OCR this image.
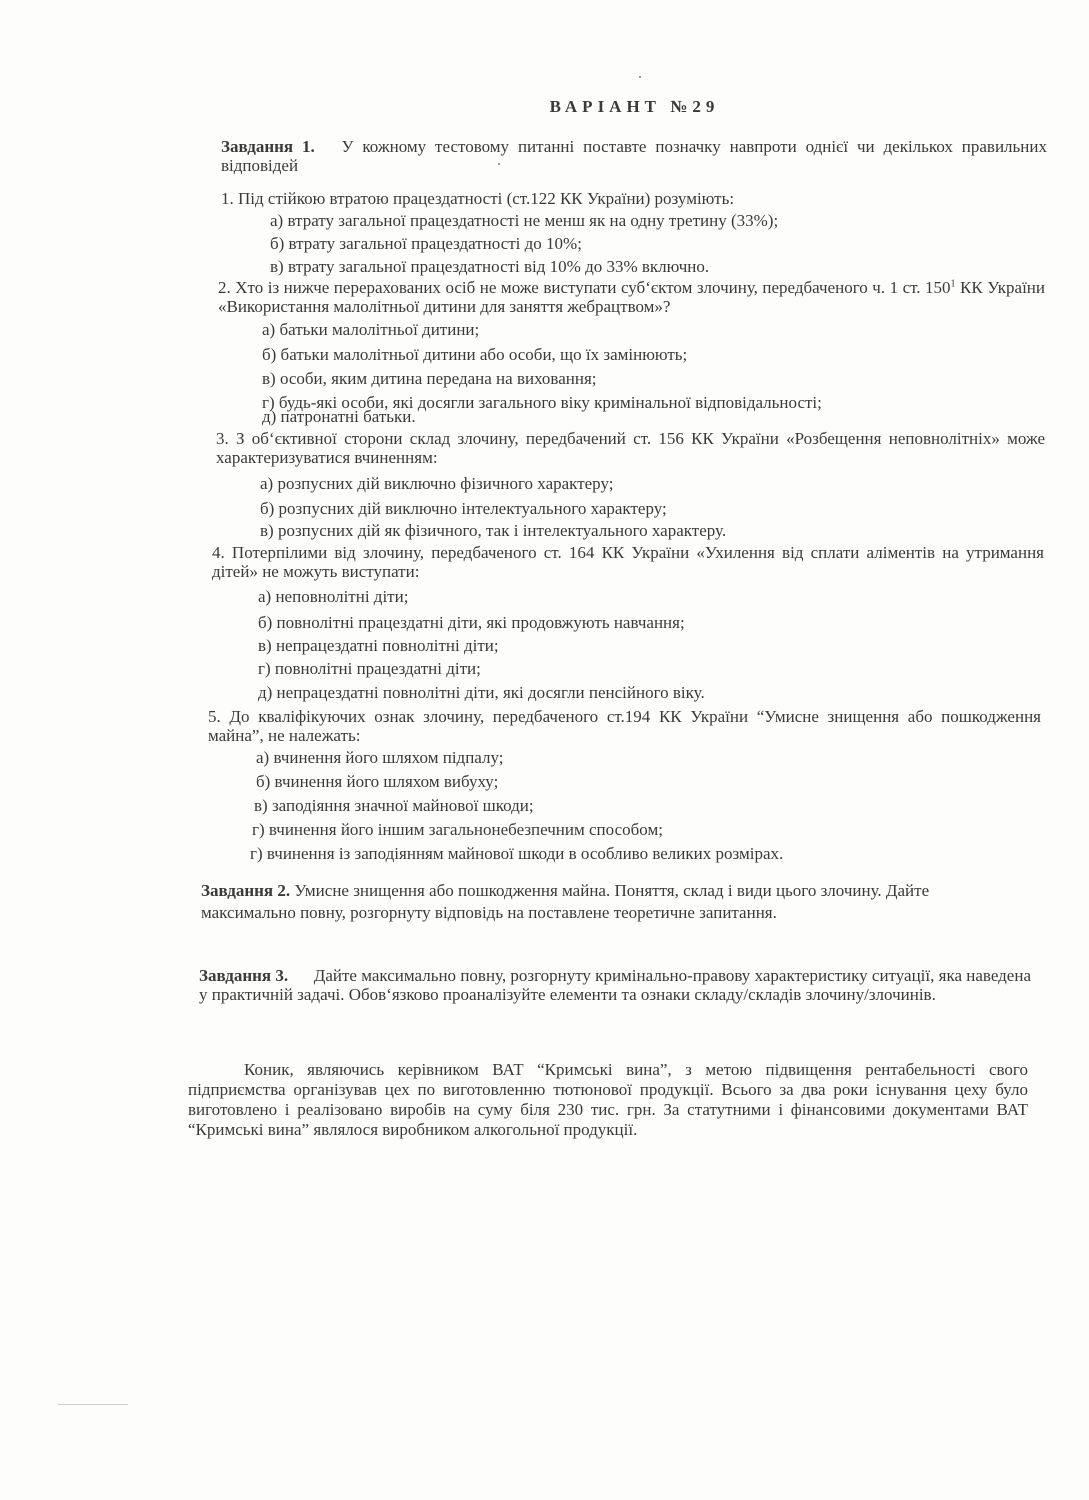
ВАРІАНТ №29
Завдання 1. У кожному тестовому питанні поставте позначку навпроти однієї чи декількох правильних відповідей
1. Під стійкою втратою працездатності (ст.122 КК України) розуміють:
а) втрату загальної працездатності не менш як на одну третину (33%);
б) втрату загальної працездатності до 10%;
в) втрату загальної працездатності від 10% до 33% включно.
2. Хто із нижче перерахованих осіб не може виступати суб‘єктом злочину, передбаченого ч. 1 ст. $150^1$ КК України «Використання малолітньої дитини для заняття жебрацтвом»?
а) батьки малолітньої дитини;
б) батьки малолітньої дитини або особи, що їх замінюють;
в) особи, яким дитина передана на виховання;
г) будь-які особи, які досягли загального віку кримінальної відповідальності;
д) патронатні батьки.
3. З об‘єктивної сторони склад злочину, передбачений ст. 156 КК України «Розбещення неповнолітніх» може характеризуватися вчиненням:
а) розпусних дій виключно фізичного характеру;
б) розпусних дій виключно інтелектуального характеру;
в) розпусних дій як фізичного, так і інтелектуального характеру.
4. Потерпілими від злочину, передбаченого ст. 164 КК України «Ухилення від сплати аліментів на утримання дітей» не можуть виступати:
а) неповнолітні діти;
б) повнолітні працездатні діти, які продовжують навчання;
в) непрацездатні повнолітні діти;
г) повнолітні працездатні діти;
д) непрацездатні повнолітні діти, які досягли пенсійного віку.
5. До кваліфікуючих ознак злочину, передбаченого ст.194 КК України “Умисне знищення або пошкодження майна”, не належать:
а) вчинення його шляхом підпалу;
б) вчинення його шляхом вибуху;
в) заподіяння значної майнової шкоди;
г) вчинення його іншим загальнонебезпечним способом;
г) вчинення із заподіянням майнової шкоди в особливо великих розмірах.
Завдання 2. Умисне знищення або пошкодження майна. Поняття, склад і види цього злочину. Дайте максимально повну, розгорнуту відповідь на поставлене теоретичне запитання.
Завдання 3. Дайте максимально повну, розгорнуту кримінально-правову характеристику ситуації, яка наведена у практичній задачі. Обов‘язково проаналізуйте елементи та ознаки складу/складів злочину/злочинів.
Коник, являючись керівником ВАТ “Кримські вина”, з метою підвищення рентабельності свого підприємства організував цех по виготовленню тютюнової продукції. Всього за два роки існування цеху було виготовлено і реалізовано виробів на суму біля 230 тис. грн. За статутними і фінансовими документами ВАТ “Кримські вина” являлося виробником алкогольної продукції.
